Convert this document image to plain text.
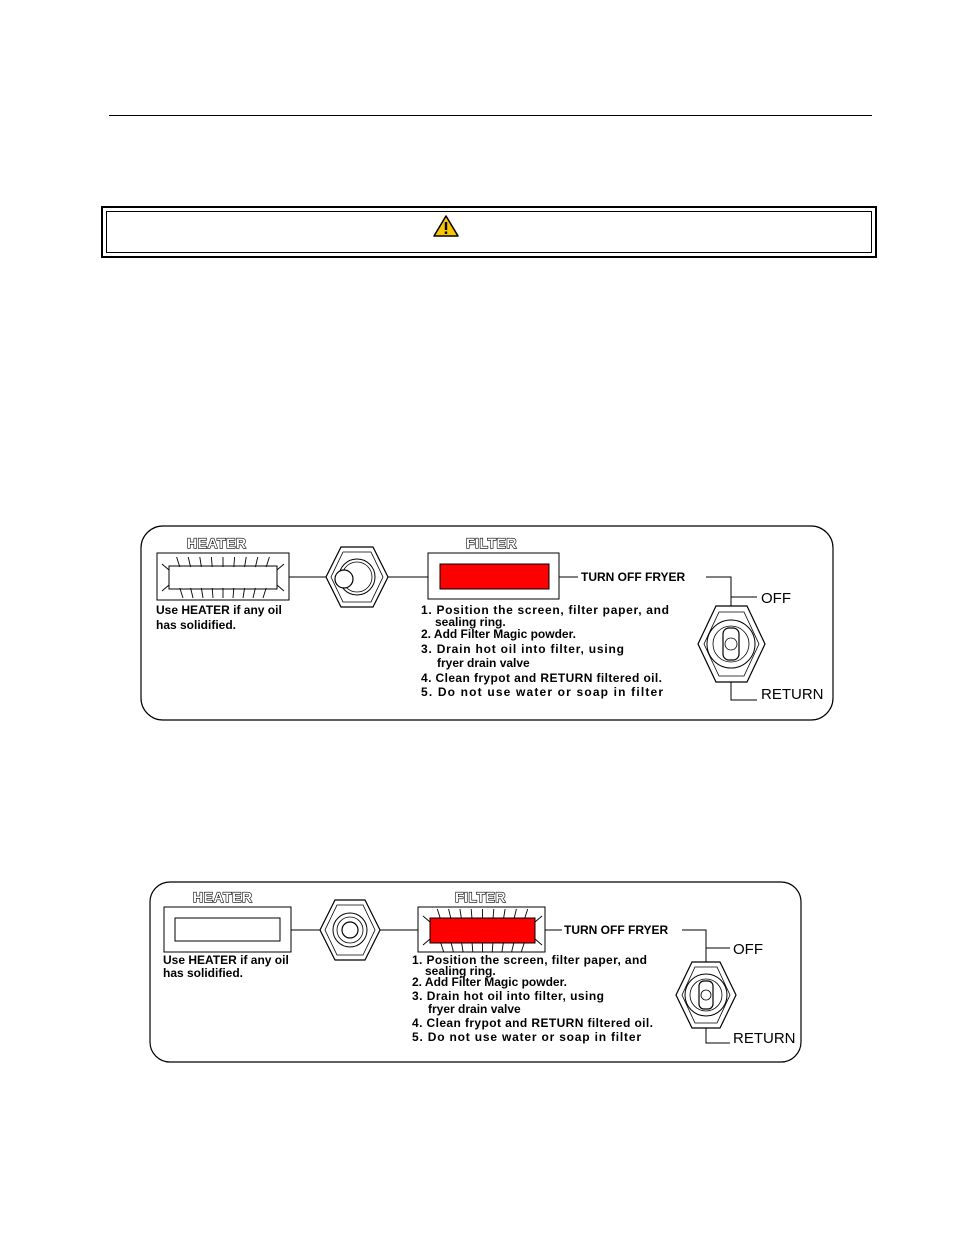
HEATER
Use HEATER if any oil
has solidified.
FILTER
TURN OFF FRYER
OFF
RETURN
1. Position the screen, filter paper, and
sealing ring.
2. Add Filter Magic powder.
3. Drain hot oil into filter, using
fryer drain valve
4. Clean frypot and RETURN filtered oil.
5. Do not use water or soap in filter
HEATER
Use HEATER if any oil
has solidified.
FILTER
TURN OFF FRYER
OFF
RETURN
1. Position the screen, filter paper, and
sealing ring.
2. Add Filter Magic powder.
3. Drain hot oil into filter, using
fryer drain valve
4. Clean frypot and RETURN filtered oil.
5. Do not use water or soap in filter
